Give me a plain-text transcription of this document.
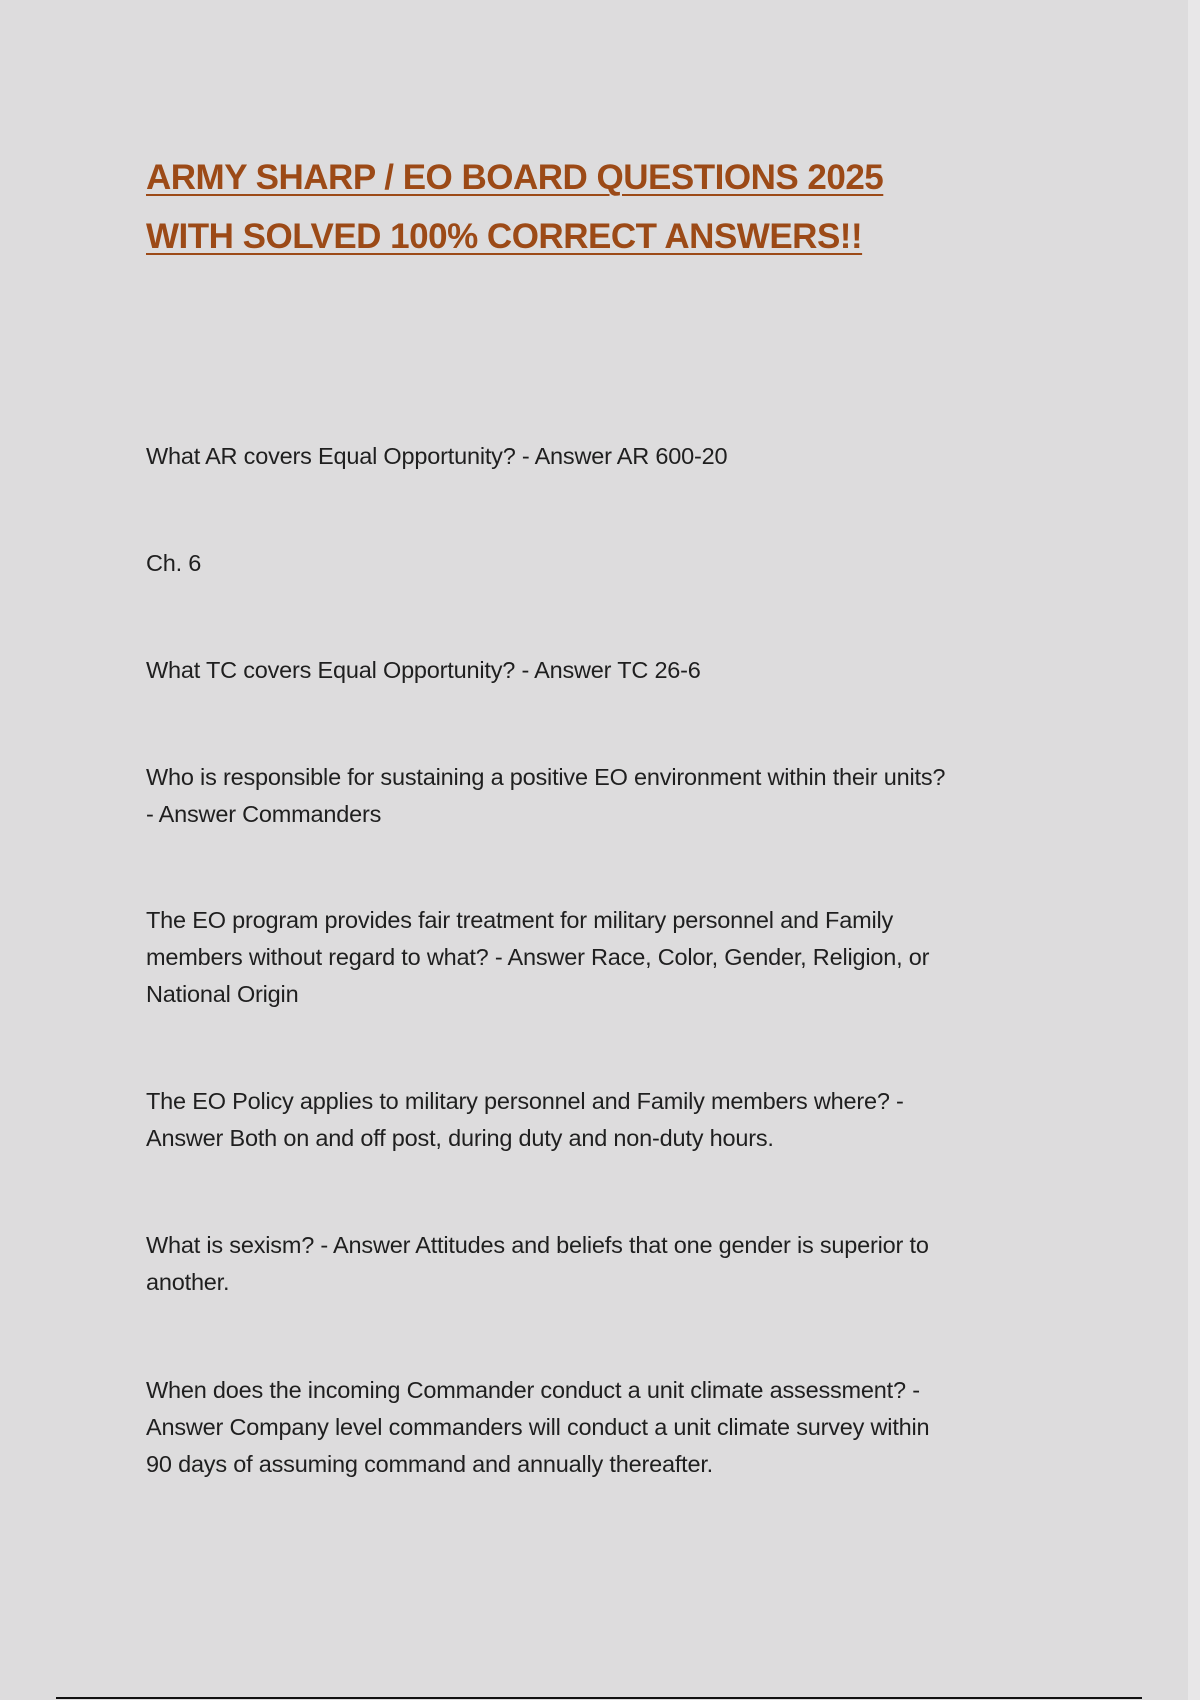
ARMY SHARP / EO BOARD QUESTIONS 2025
WITH SOLVED 100% CORRECT ANSWERS!!

What AR covers Equal Opportunity? - Answer AR 600-20

Ch. 6

What TC covers Equal Opportunity? - Answer TC 26-6

Who is responsible for sustaining a positive EO environment within their units?
- Answer Commanders

The EO program provides fair treatment for military personnel and Family
members without regard to what? - Answer Race, Color, Gender, Religion, or
National Origin

The EO Policy applies to military personnel and Family members where? -
Answer Both on and off post, during duty and non-duty hours.

What is sexism? - Answer Attitudes and beliefs that one gender is superior to
another.

When does the incoming Commander conduct a unit climate assessment? -
Answer Company level commanders will conduct a unit climate survey within
90 days of assuming command and annually thereafter.
